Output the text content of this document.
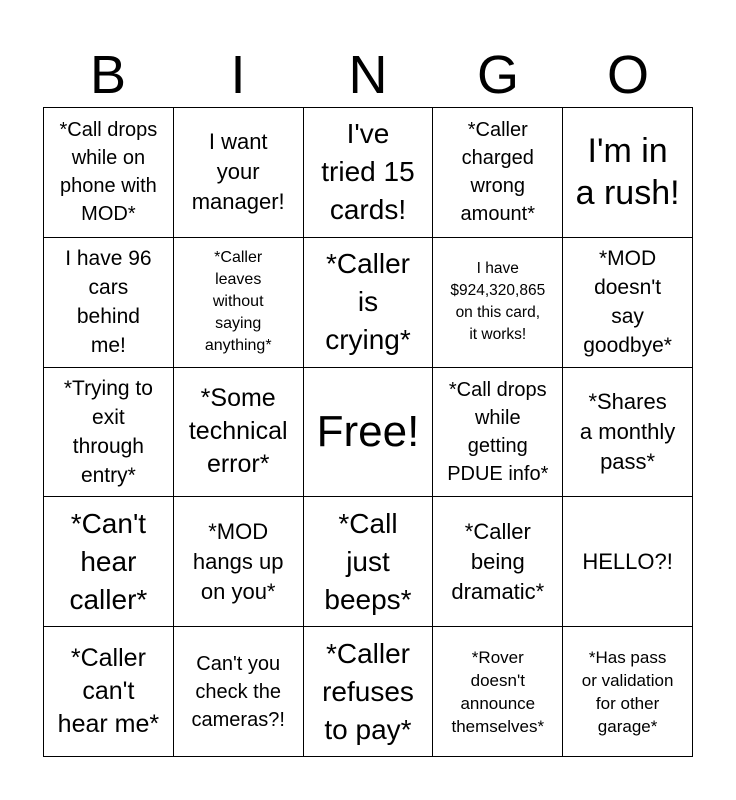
B	I	N	G	O
*Call drops
while on
phone with
MOD*
I want
your
manager!
I've
tried 15
cards!
*Caller
charged
wrong
amount*
I'm in
a rush!
I have 96
cars
behind
me!
*Caller
leaves
without
saying
anything*
*Caller
is
crying*
I have
$924,320,865
on this card,
it works!
*MOD
doesn't
say
goodbye*
*Trying to
exit
through
entry*
*Some
technical
error*
Free!
*Call drops
while
getting
PDUE info*
*Shares
a monthly
pass*
*Can't
hear
caller*
*MOD
hangs up
on you*
*Call
just
beeps*
*Caller
being
dramatic*
HELLO?!
*Caller
can't
hear me*
Can't you
check the
cameras?!
*Caller
refuses
to pay*
*Rover
doesn't
announce
themselves*
*Has pass
or validation
for other
garage*
